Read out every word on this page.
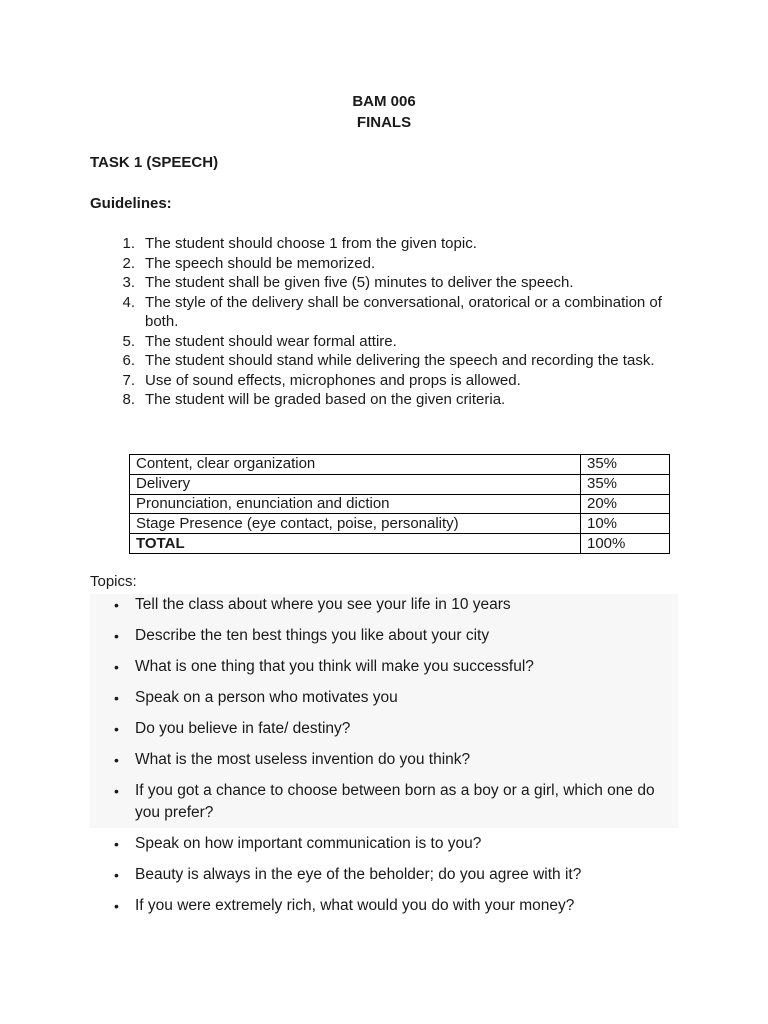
BAM 006
FINALS
TASK 1 (SPEECH)
Guidelines:
1. The student should choose 1 from the given topic.
2. The speech should be memorized.
3. The student shall be given five (5) minutes to deliver the speech.
4. The style of the delivery shall be conversational, oratorical or a combination of both.
5. The student should wear formal attire.
6. The student should stand while delivering the speech and recording the task.
7. Use of sound effects, microphones and props is allowed.
8. The student will be graded based on the given criteria.
Content, clear organization	35%
Delivery	35%
Pronunciation, enunciation and diction	20%
Stage Presence (eye contact, poise, personality)	10%
TOTAL	100%
Topics:
• Tell the class about where you see your life in 10 years
• Describe the ten best things you like about your city
• What is one thing that you think will make you successful?
• Speak on a person who motivates you
• Do you believe in fate/ destiny?
• What is the most useless invention do you think?
• If you got a chance to choose between born as a boy or a girl, which one do you prefer?
• Speak on how important communication is to you?
• Beauty is always in the eye of the beholder; do you agree with it?
• If you were extremely rich, what would you do with your money?
